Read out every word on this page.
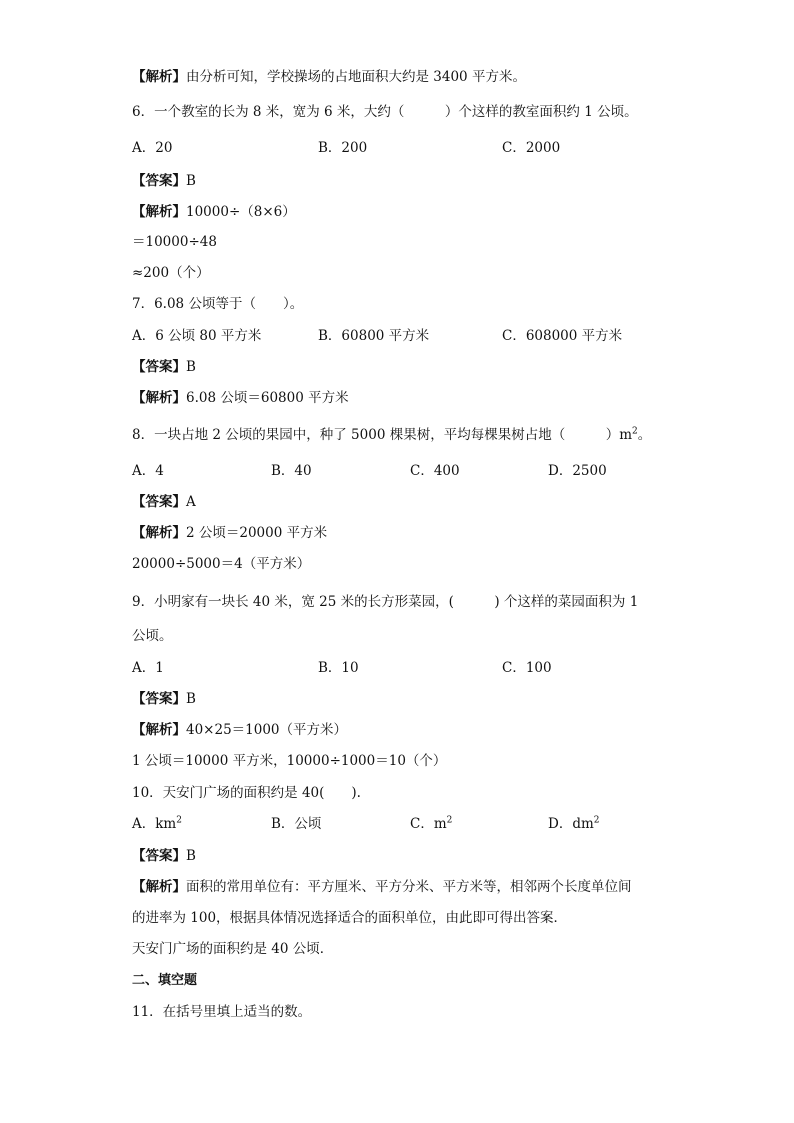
【解析】由分析可知，学校操场的占地面积大约是 3400 平方米。
6．一个教室的长为 8 米，宽为 6 米，大约（　　　）个这样的教室面积约 1 公顷。
A．20	B．200	C．2000
【答案】B
【解析】10000÷（8×6）
＝10000÷48
≈200（个）
7．6.08 公顷等于（　　）。
A．6 公顷 80 平方米	B．60800 平方米	C．608000 平方米
【答案】B
【解析】6.08 公顷＝60800 平方米
8．一块占地 2 公顷的果园中，种了 5000 棵果树，平均每棵果树占地（　　　）$m^2$。
A．4	B．40	C．400	D．2500
【答案】A
【解析】2 公顷＝20000 平方米
20000÷5000＝4（平方米）
9．小明家有一块长 40 米，宽 25 米的长方形菜园，(　　　) 个这样的菜园面积为 1
公顷。
A．1	B．10	C．100
【答案】B
【解析】40×25＝1000（平方米）
1 公顷＝10000 平方米，10000÷1000＝10（个）
10．天安门广场的面积约是 40(　　).
A．$km^2$	B．公顷	C．$m^2$	D．$dm^2$
【答案】B
【解析】面积的常用单位有：平方厘米、平方分米、平方米等，相邻两个长度单位间
的进率为 100，根据具体情况选择适合的面积单位，由此即可得出答案．
天安门广场的面积约是 40 公顷．
二、填空题
11．在括号里填上适当的数。
